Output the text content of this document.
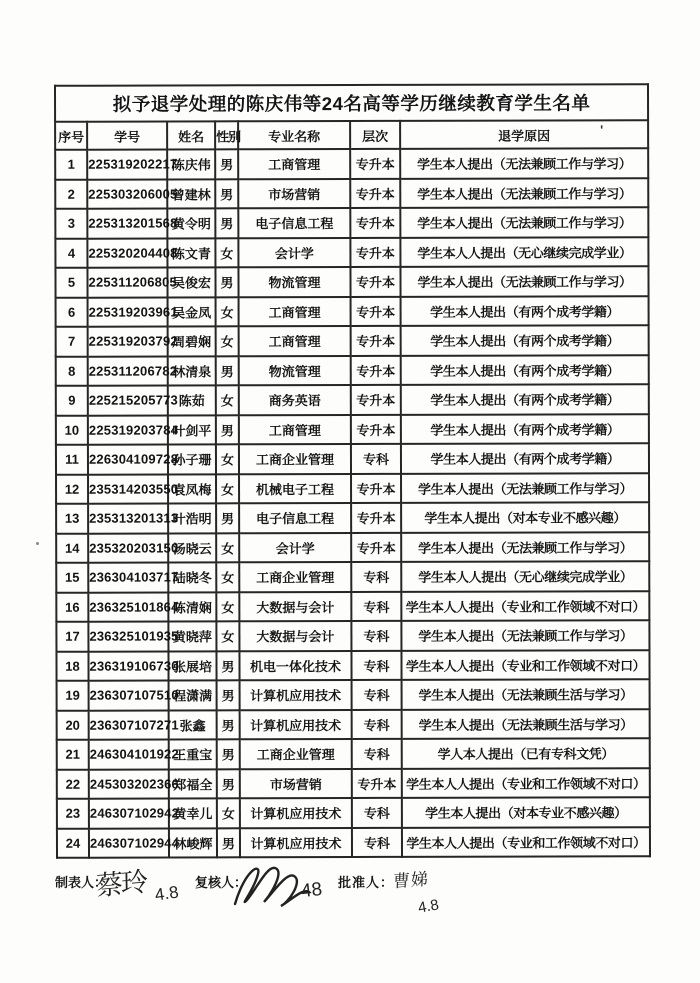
拟予退学处理的陈庆伟等24名高等学历继续教育学生名单						
序号	学号	姓名	性别	专业名称	层次	退学原因 '

1	225319202217	陈庆伟	男	工商管理	专升本	学生本人提出（无法兼顾工作与学习）
2	225303206005	曾建林	男	市场营销	专升本	学生本人提出（无法兼顾工作与学习）
3	225313201568	黄令明	男	电子信息工程	专升本	学生本人提出（无法兼顾工作与学习）
4	225320204408	陈文青	女	会计学	专升本	学生本人人提出（无心继续完成学业）
5	225311206805	吴俊宏	男	物流管理	专升本	学生本人提出（无法兼顾工作与学习）
6	225319203961	吴金凤	女	工商管理	专升本	学生本人提出（有两个成考学籍）
7	225319203792	周碧娴	女	工商管理	专升本	学生本人提出（有两个成考学籍）
8	225311206782	林清泉	男	物流管理	专升本	学生本人提出（有两个成考学籍）
9	225215205773	陈茹	女	商务英语	专升本	学生本人提出（有两个成考学籍）
10	225319203784	叶剑平	男	工商管理	专升本	学生本人提出（有两个成考学籍）
11	226304109728	孙子珊	女	工商企业管理	专科	学生本人提出（有两个成考学籍）
12	235314203550	袁凤梅	女	机械电子工程	专升本	学生本人提出（无法兼顾工作与学习）
13	235313201313	叶浩明	男	电子信息工程	专升本	学生本人提出（对本专业不感兴趣）
14	235320203150	汤晓云	女	会计学	专升本	学生本人提出（无法兼顾工作与学习）
15	236304103717	陆晓冬	女	工商企业管理	专科	学生本人人提出（无心继续完成学业）
16	236325101864	陈清娴	女	大数据与会计	专科	学生本人人提出（专业和工作领域不对口）
17	236325101935	黄晓萍	女	大数据与会计	专科	学生本人提出（无法兼顾工作与学习）
18	236319106730	张展培	男	机电一体化技术	专科	学生本人人提出（专业和工作领域不对口）
19	236307107510	程潇满	男	计算机应用技术	专科	学生本人提出（无法兼顾生活与学习）
20	236307107271	张鑫	男	计算机应用技术	专科	学生本人提出（无法兼顾生活与学习）
21	246304101922	王重宝	男	工商企业管理	专科	学人本人提出（已有专科文凭）
22	245303202366	郑福全	男	市场营销	专升本	学生本人人提出（专业和工作领域不对口）
23	246307102942	黄幸儿	女	计算机应用技术	专科	学生本人提出（对本专业不感兴趣）
24	246307102944	林峻辉	男	计算机应用技术	专科	学生本人人提出（专业和工作领域不对口）
制表人：
蔡玲 4.8 复核人：	48 批准人：
曹娣
4.8
